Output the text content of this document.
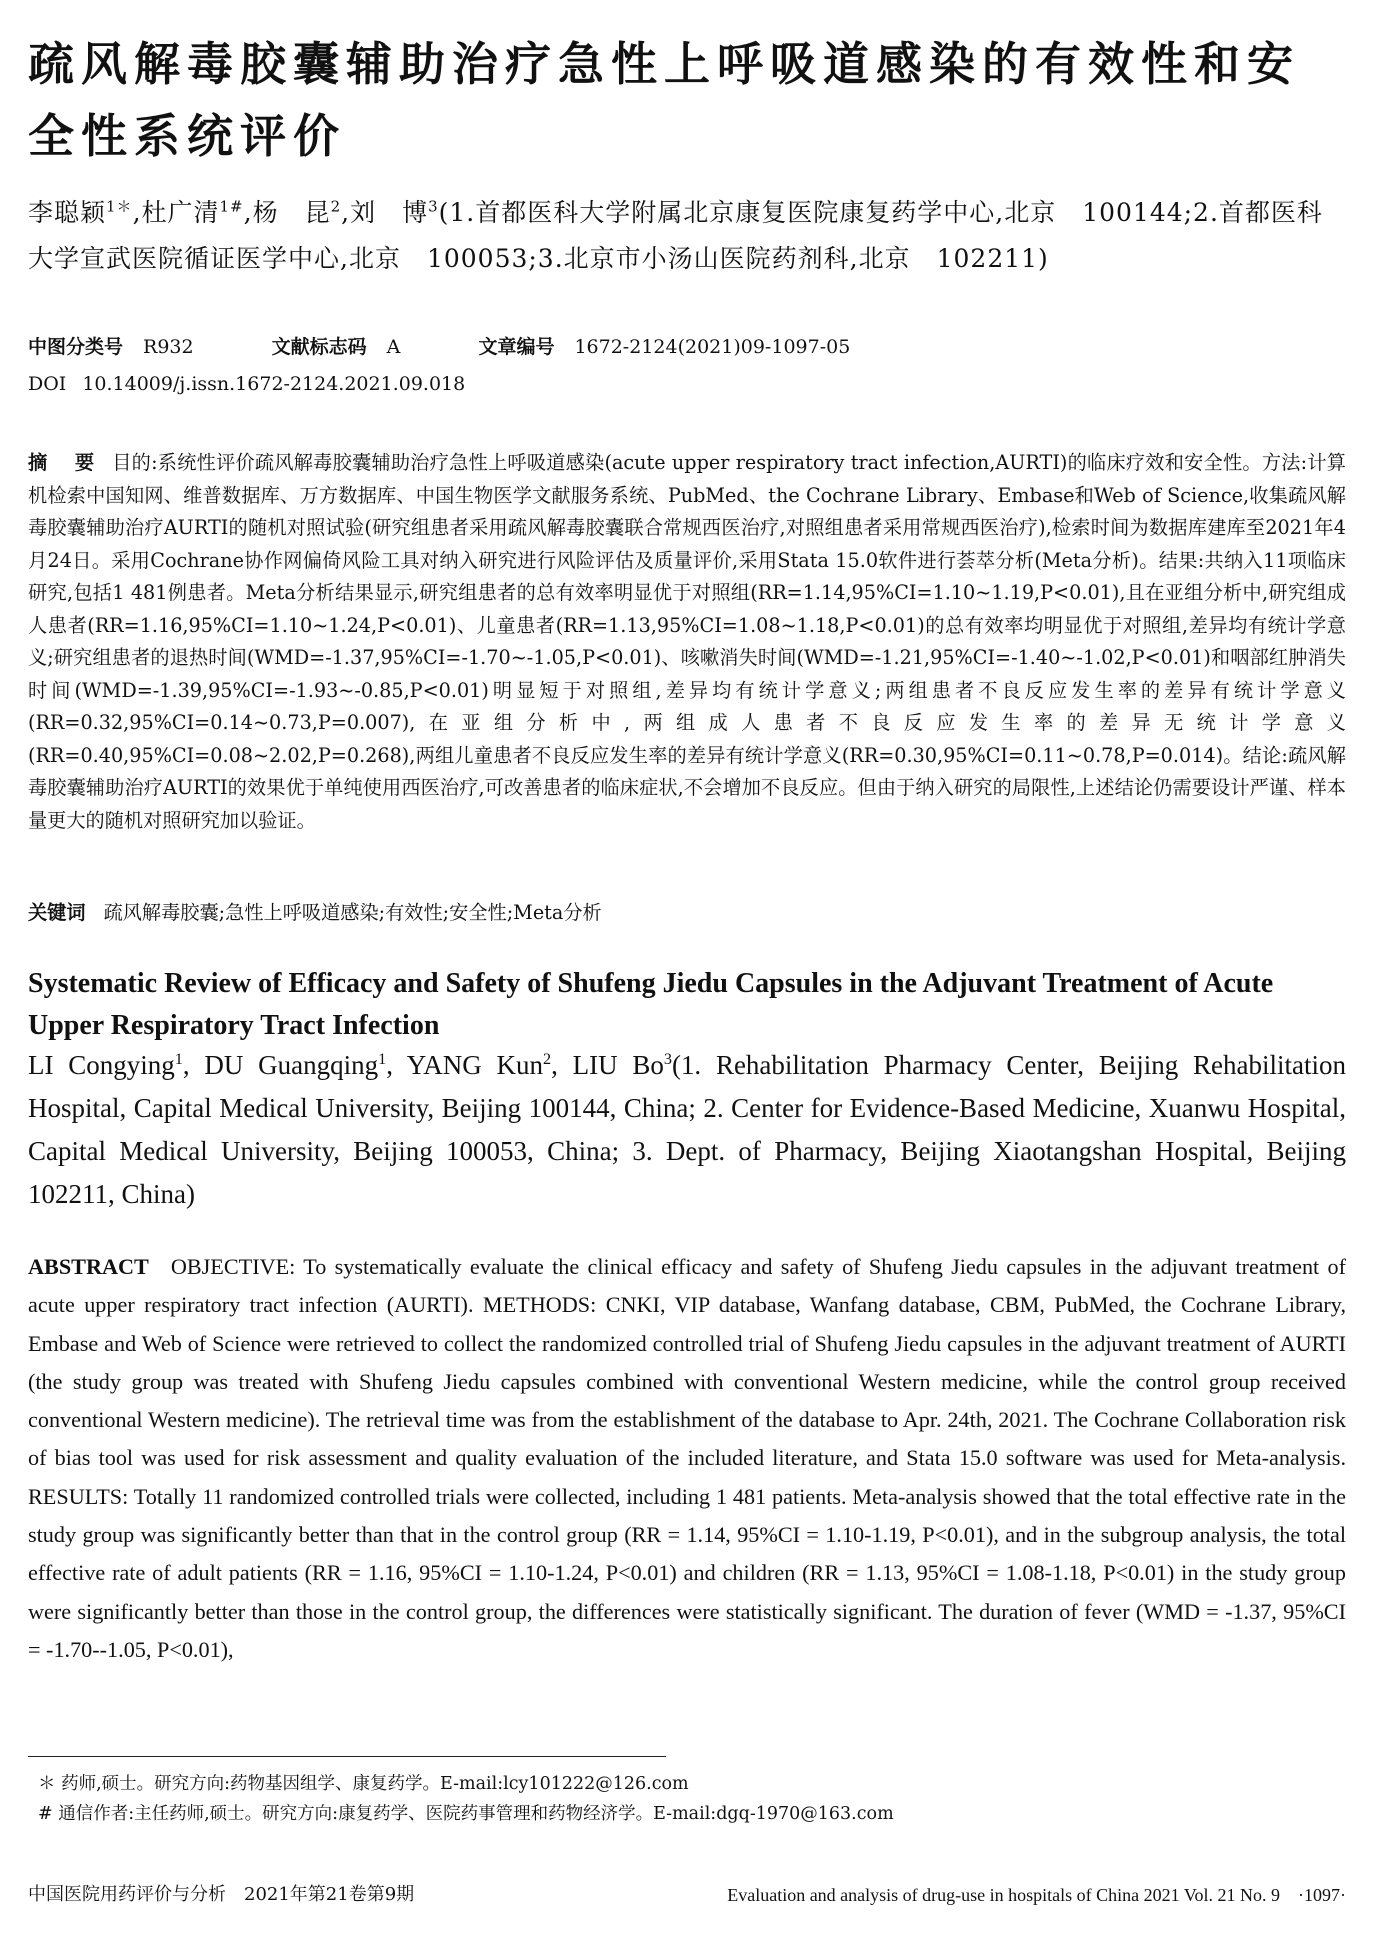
疏风解毒胶囊辅助治疗急性上呼吸道感染的有效性和安全性系统评价

李聪颖$^{1*}$,杜广清$^{1\#}$,杨　昆$^2$,刘　博$^3$(1.首都医科大学附属北京康复医院康复药学中心,北京　100144;2.首都医科大学宣武医院循证医学中心,北京　100053;3.北京市小汤山医院药剂科,北京　102211)

中图分类号 R932	文献标志码 A	文章编号 1672-2124(2021)09-1097-05
DOI 10.14009/j.issn.1672-2124.2021.09.018

摘　要 目的:系统性评价疏风解毒胶囊辅助治疗急性上呼吸道感染(acute upper respiratory tract infection,AURTI)的临床疗效和安全性。方法:计算机检索中国知网、维普数据库、万方数据库、中国生物医学文献服务系统、PubMed、the Cochrane Library、Embase和Web of Science,收集疏风解毒胶囊辅助治疗AURTI的随机对照试验(研究组患者采用疏风解毒胶囊联合常规西医治疗,对照组患者采用常规西医治疗),检索时间为数据库建库至2021年4月24日。采用Cochrane协作网偏倚风险工具对纳入研究进行风险评估及质量评价,采用Stata 15.0软件进行荟萃分析(Meta分析)。结果:共纳入11项临床研究,包括1 481例患者。Meta分析结果显示,研究组患者的总有效率明显优于对照组(RR=1.14,95%CI=1.10~1.19,P<0.01),且在亚组分析中,研究组成人患者(RR=1.16,95%CI=1.10~1.24,P<0.01)、儿童患者(RR=1.13,95%CI=1.08~1.18,P<0.01)的总有效率均明显优于对照组,差异均有统计学意义;研究组患者的退热时间(WMD=-1.37,95%CI=-1.70~-1.05,P<0.01)、咳嗽消失时间(WMD=-1.21,95%CI=-1.40~-1.02,P<0.01)和咽部红肿消失时间(WMD=-1.39,95%CI=-1.93~-0.85,P<0.01)明显短于对照组,差异均有统计学意义;两组患者不良反应发生率的差异有统计学意义(RR=0.32,95%CI=0.14~0.73,P=0.007),在亚组分析中,两组成人患者不良反应发生率的差异无统计学意义(RR=0.40,95%CI=0.08~2.02,P=0.268),两组儿童患者不良反应发生率的差异有统计学意义(RR=0.30,95%CI=0.11~0.78,P=0.014)。结论:疏风解毒胶囊辅助治疗AURTI的效果优于单纯使用西医治疗,可改善患者的临床症状,不会增加不良反应。但由于纳入研究的局限性,上述结论仍需要设计严谨、样本量更大的随机对照研究加以验证。

关键词 疏风解毒胶囊;急性上呼吸道感染;有效性;安全性;Meta分析

Systematic Review of Efficacy and Safety of Shufeng Jiedu Capsules in the Adjuvant Treatment of Acute Upper Respiratory Tract Infection

LI Congying$^1$, DU Guangqing$^1$, YANG Kun$^2$, LIU Bo$^3$(1. Rehabilitation Pharmacy Center, Beijing Rehabilitation Hospital, Capital Medical University, Beijing 100144, China; 2. Center for Evidence-Based Medicine, Xuanwu Hospital, Capital Medical University, Beijing 100053, China; 3. Dept. of Pharmacy, Beijing Xiaotangshan Hospital, Beijing 102211, China)

ABSTRACT OBJECTIVE: To systematically evaluate the clinical efficacy and safety of Shufeng Jiedu capsules in the adjuvant treatment of acute upper respiratory tract infection (AURTI). METHODS: CNKI, VIP database, Wanfang database, CBM, PubMed, the Cochrane Library, Embase and Web of Science were retrieved to collect the randomized controlled trial of Shufeng Jiedu capsules in the adjuvant treatment of AURTI (the study group was treated with Shufeng Jiedu capsules combined with conventional Western medicine, while the control group received conventional Western medicine). The retrieval time was from the establishment of the database to Apr. 24th, 2021. The Cochrane Collaboration risk of bias tool was used for risk assessment and quality evaluation of the included literature, and Stata 15.0 software was used for Meta-analysis. RESULTS: Totally 11 randomized controlled trials were collected, including 1 481 patients. Meta-analysis showed that the total effective rate in the study group was significantly better than that in the control group (RR = 1.14, 95%CI = 1.10-1.19, P<0.01), and in the subgroup analysis, the total effective rate of adult patients (RR = 1.16, 95%CI = 1.10-1.24, P<0.01) and children (RR = 1.13, 95%CI = 1.08-1.18, P<0.01) in the study group were significantly better than those in the control group, the differences were statistically significant. The duration of fever (WMD = -1.37, 95%CI = -1.70--1.05, P<0.01),

＊ 药师,硕士。研究方向:药物基因组学、康复药学。E-mail:lcy101222@126.com

# 通信作者:主任药师,硕士。研究方向:康复药学、医院药事管理和药物经济学。E-mail:dgq-1970@163.com

中国医院用药评价与分析　2021年第21卷第9期	Evaluation and analysis of drug-use in hospitals of China 2021 Vol. 21 No. 9　·1097·
